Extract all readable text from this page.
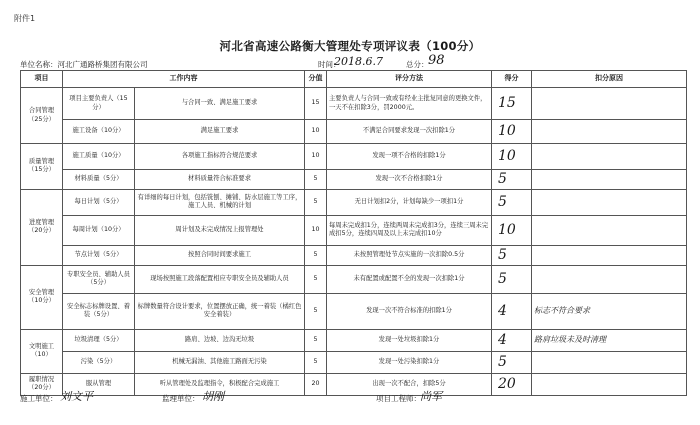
附件1
河北省高速公路衡大管理处专项评议表（100分）
单位名称：河北广通路桥集团有限公司	时间：
2018.6.7	总分： 98
项目	工作内容		分值	评分方法	得分	扣分原因
合同管理（25分）	项目主要负责人（15分）	与合同一致、满足施工要求	15	主要负责人与合同一致或有经业主批复同意的更换文件，一天不在扣除3分，罚2000元。	15	
	施工设备（10分）	满足施工要求	10	不满足合同要求发现一次扣除1分	10	
质量管理（15分）	施工质量（10分）	各项施工指标符合规范要求	10	发现一项不合格的扣除1分	10	
	材料质量（5分）	材料质量符合标准要求	5	发现一次不合格扣除1分	5	
进度管理（20分）	每日计划（5分）	有详细的每日计划，包括铣刨、摊铺、防水层施工等工序，施工人员、机械的计划	5	无日计划扣2分，计划每缺少一项扣1分	5	
	每周计划（10分）	周计划及未完成情况上报管理处	10	每周未完成扣1分，连续两周未完成扣3分，连续三周未完成扣5分，连续四周及以上未完成扣10分	10	
	节点计划（5分）	按照合同时间要求施工	5	未按照管理处节点实施的一次扣除0.5分	5	
安全管理（10分）	专职安全员、辅助人员（5分）	现场按照施工段落配置相应专职安全员及辅助人员	5	未有配置或配置不全的发现一次扣除1分	5	
	安全标志标牌设置、着装（5分）	标牌数量符合设计要求，位置摆放正确，统一着装（橘红色安全着装）	5	发现一次不符合标准的扣除1分	4	标志不符合要求
文明施工（10）	垃圾清理（5分）	路肩、边坡、边沟无垃圾	5	发现一处垃圾扣除1分	4	路肩垃圾未及时清理
	污染（5分）	机械无漏油、其他施工路面无污染	5	发现一处污染扣除1分	5	
履职情况（20分）	服从管理	听从管理处及监理指令，积极配合完成施工	20	出现一次不配合，扣除5分	20	
施工单位： 刘文平	监理单位： 胡刚	项目工程师： 尚军
